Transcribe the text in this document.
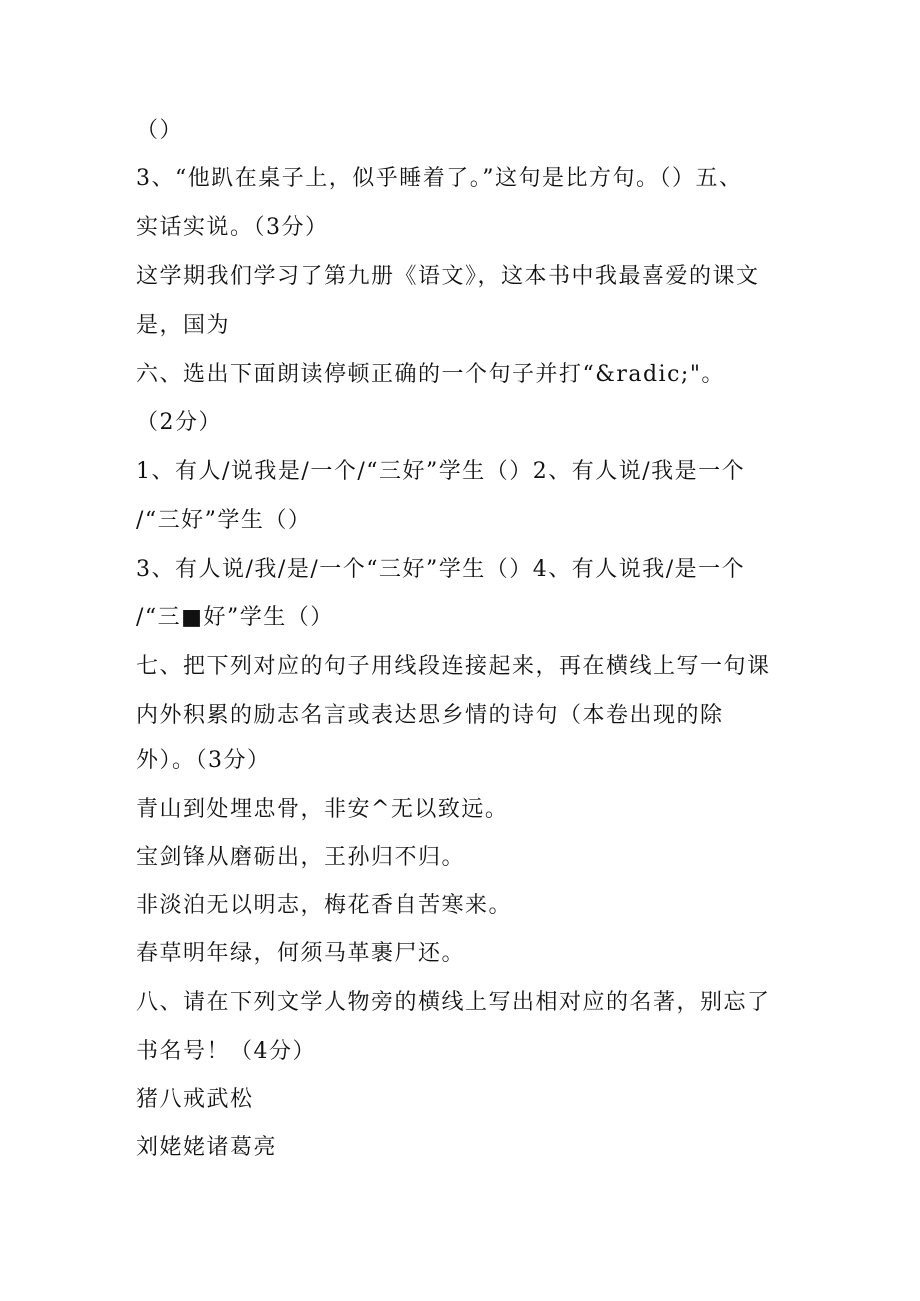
（）
3、“他趴在桌子上，似乎睡着了。”这句是比方句。（）五、
实话实说。（3分）
这学期我们学习了第九册《语文》，这本书中我最喜爱的课文
是，国为
六、选出下面朗读停顿正确的一个句子并打“&radic;"。
（2分）
1、有人/说我是/一个/“三好”学生（）2、有人说/我是一个
/“三好”学生（）
3、有人说/我/是/一个“三好”学生（）4、有人说我/是一个
/“三■好”学生（）
七、把下列对应的句子用线段连接起来，再在横线上写一句课
内外积累的励志名言或表达思乡情的诗句（本卷出现的除
外）。（3分）
青山到处埋忠骨，非安^无以致远。
宝剑锋从磨砺出，王孙归不归。
非淡泊无以明志，梅花香自苦寒来。
春草明年绿，何须马革裹尸还。
八、请在下列文学人物旁的横线上写出相对应的名著，别忘了
书名号！（4分）
猪八戒武松
刘姥姥诸葛亮
